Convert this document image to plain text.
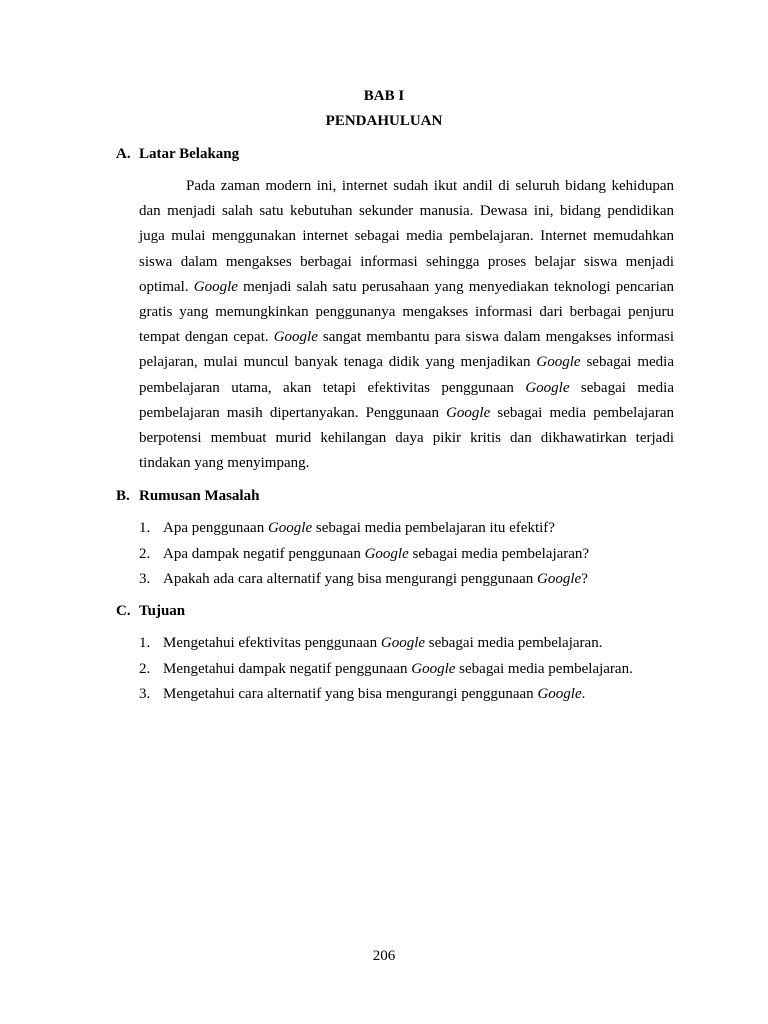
BAB I
PENDAHULUAN
A. Latar Belakang

Pada zaman modern ini, internet sudah ikut andil di seluruh bidang kehidupan dan menjadi salah satu kebutuhan sekunder manusia. Dewasa ini, bidang pendidikan juga mulai menggunakan internet sebagai media pembelajaran. Internet memudahkan siswa dalam mengakses berbagai informasi sehingga proses belajar siswa menjadi optimal. Google menjadi salah satu perusahaan yang menyediakan teknologi pencarian gratis yang memungkinkan penggunanya mengakses informasi dari berbagai penjuru tempat dengan cepat. Google sangat membantu para siswa dalam mengakses informasi pelajaran, mulai muncul banyak tenaga didik yang menjadikan Google sebagai media pembelajaran utama, akan tetapi efektivitas penggunaan Google sebagai media pembelajaran masih dipertanyakan. Penggunaan Google sebagai media pembelajaran berpotensi membuat murid kehilangan daya pikir kritis dan dikhawatirkan terjadi tindakan yang menyimpang.

B. Rumusan Masalah
1. Apa penggunaan Google sebagai media pembelajaran itu efektif?
2. Apa dampak negatif penggunaan Google sebagai media pembelajaran?
3. Apakah ada cara alternatif yang bisa mengurangi penggunaan Google?
C. Tujuan
1. Mengetahui efektivitas penggunaan Google sebagai media pembelajaran.
2. Mengetahui dampak negatif penggunaan Google sebagai media pembelajaran.
3. Mengetahui cara alternatif yang bisa mengurangi penggunaan Google.
206
